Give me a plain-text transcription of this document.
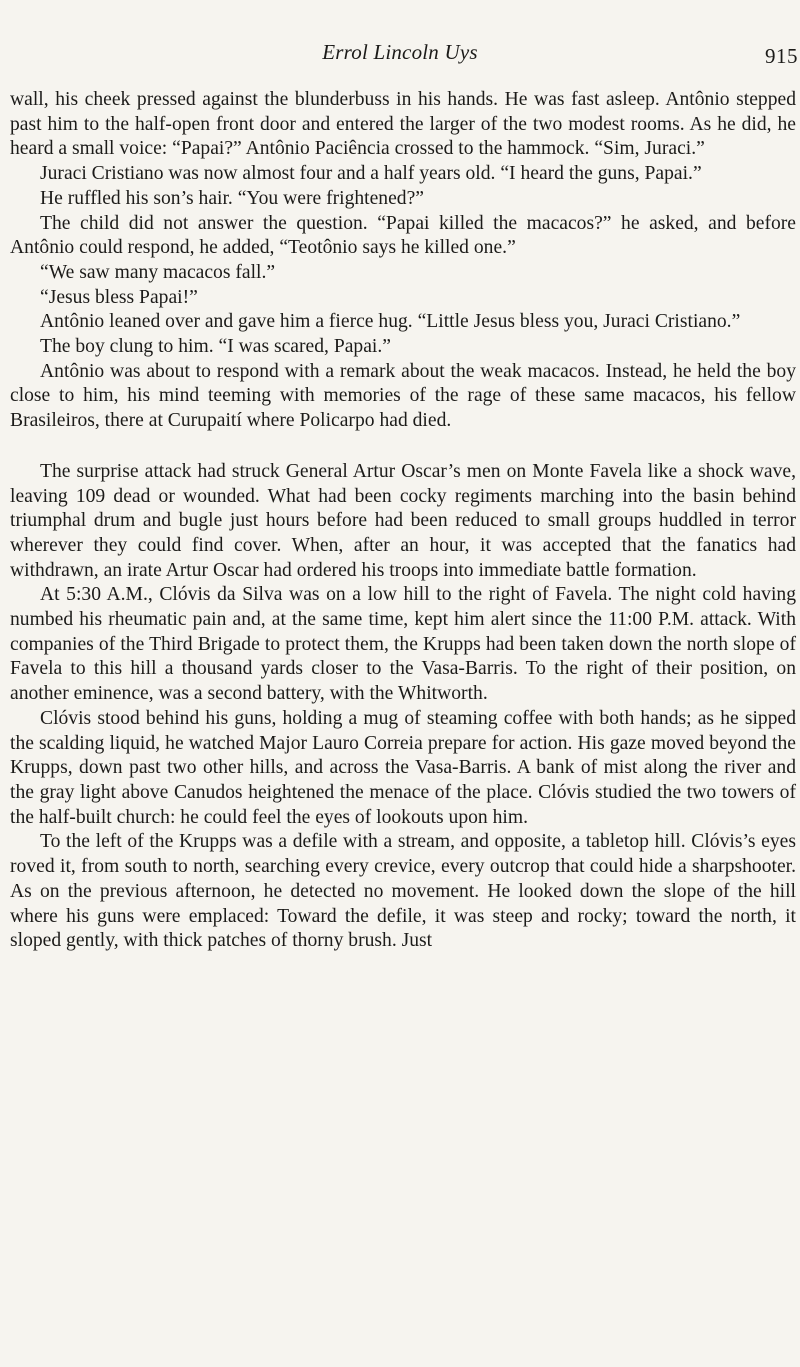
Errol Lincoln Uys	915

wall, his cheek pressed against the blunderbuss in his hands. He was fast asleep. Antônio stepped past him to the half-open front door and entered the larger of the two modest rooms. As he did, he heard a small voice: “Papai?” Antônio Paciência crossed to the hammock. “Sim, Juraci.”

Juraci Cristiano was now almost four and a half years old. “I heard the guns, Papai.”

He ruffled his son’s hair. “You were frightened?”

The child did not answer the question. “Papai killed the macacos?” he asked, and before Antônio could respond, he added, “Teotônio says he killed one.”

“We saw many macacos fall.”

“Jesus bless Papai!”

Antônio leaned over and gave him a fierce hug. “Little Jesus bless you, Juraci Cristiano.”

The boy clung to him. “I was scared, Papai.”

Antônio was about to respond with a remark about the weak macacos. Instead, he held the boy close to him, his mind teeming with memories of the rage of these same macacos, his fellow Brasileiros, there at Curupaití where Policarpo had died.

The surprise attack had struck General Artur Oscar’s men on Monte Favela like a shock wave, leaving 109 dead or wounded. What had been cocky regiments marching into the basin behind triumphal drum and bugle just hours before had been reduced to small groups huddled in terror wherever they could find cover. When, after an hour, it was accepted that the fanatics had withdrawn, an irate Artur Oscar had ordered his troops into immediate battle formation.

At 5:30 A.M., Clóvis da Silva was on a low hill to the right of Favela. The night cold having numbed his rheumatic pain and, at the same time, kept him alert since the 11:00 P.M. attack. With companies of the Third Brigade to protect them, the Krupps had been taken down the north slope of Favela to this hill a thousand yards closer to the Vasa-Barris. To the right of their position, on another eminence, was a second battery, with the Whitworth.

Clóvis stood behind his guns, holding a mug of steaming coffee with both hands; as he sipped the scalding liquid, he watched Major Lauro Correia prepare for action. His gaze moved beyond the Krupps, down past two other hills, and across the Vasa-Barris. A bank of mist along the river and the gray light above Canudos heightened the menace of the place. Clóvis studied the two towers of the half-built church: he could feel the eyes of lookouts upon him.

To the left of the Krupps was a defile with a stream, and opposite, a tabletop hill. Clóvis’s eyes roved it, from south to north, searching every crevice, every outcrop that could hide a sharpshooter. As on the previous afternoon, he detected no movement. He looked down the slope of the hill where his guns were emplaced: Toward the defile, it was steep and rocky; toward the north, it sloped gently, with thick patches of thorny brush. Just
